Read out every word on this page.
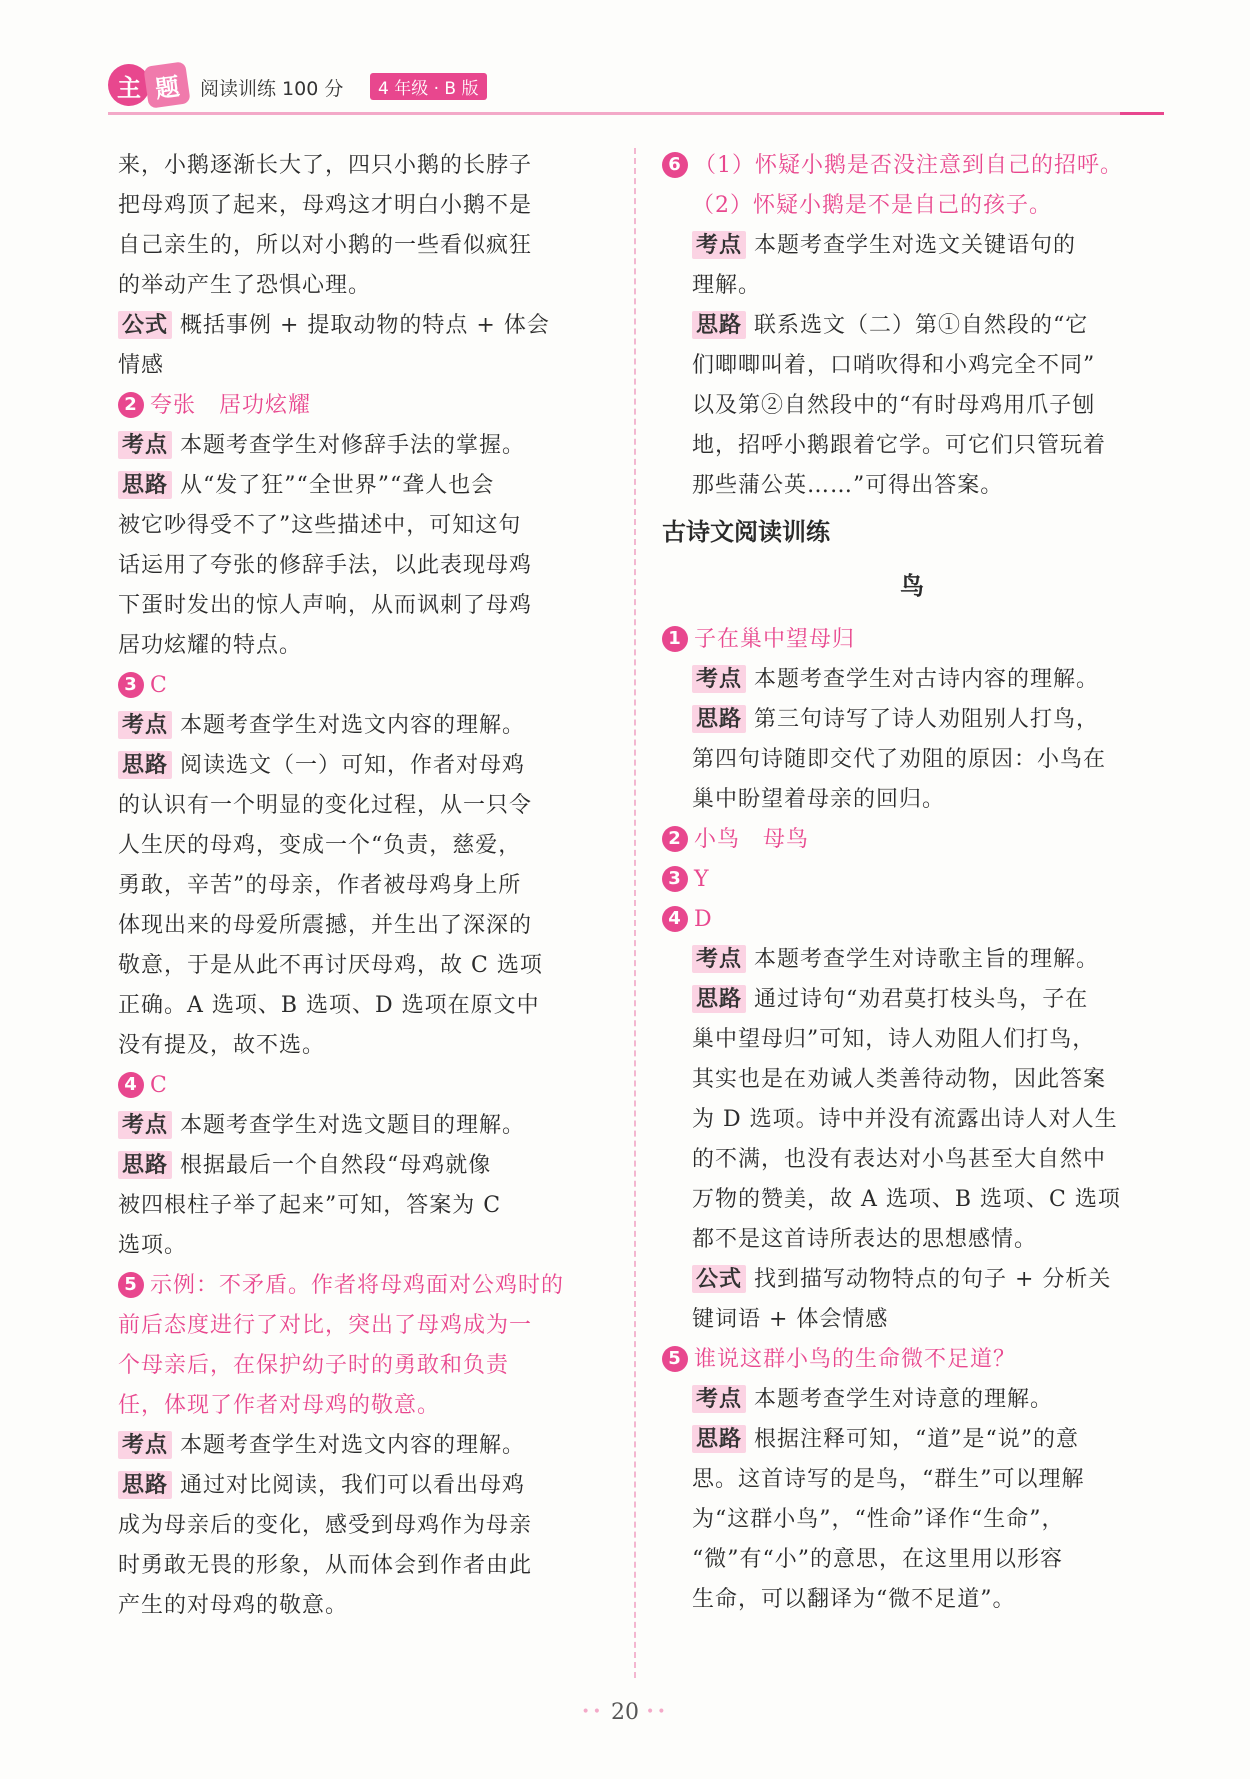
主 题 阅读训练 100 分	4 年级 · B 版

来，小鹅逐渐长大了，四只小鹅的长脖子

把母鸡顶了起来，母鸡这才明白小鹅不是

自己亲生的，所以对小鹅的一些看似疯狂

的举动产生了恐惧心理。

公式 概括事例 + 提取动物的特点 + 体会

情感

2 夸张　居功炫耀

考点 本题考查学生对修辞手法的掌握。

思路 从“发了狂”“全世界”“聋人也会

被它吵得受不了”这些描述中，可知这句

话运用了夸张的修辞手法，以此表现母鸡

下蛋时发出的惊人声响，从而讽刺了母鸡

居功炫耀的特点。

3 C

考点 本题考查学生对选文内容的理解。

思路 阅读选文（一）可知，作者对母鸡

的认识有一个明显的变化过程，从一只令

人生厌的母鸡，变成一个“负责，慈爱，

勇敢，辛苦”的母亲，作者被母鸡身上所

体现出来的母爱所震撼，并生出了深深的

敬意，于是从此不再讨厌母鸡，故 C 选项

正确。A 选项、B 选项、D 选项在原文中

没有提及，故不选。

4 C

考点 本题考查学生对选文题目的理解。

思路 根据最后一个自然段“母鸡就像

被四根柱子举了起来”可知，答案为 C

选项。

5 示例：不矛盾。作者将母鸡面对公鸡时的

前后态度进行了对比，突出了母鸡成为一

个母亲后，在保护幼子时的勇敢和负责

任，体现了作者对母鸡的敬意。

考点 本题考查学生对选文内容的理解。

思路 通过对比阅读，我们可以看出母鸡

成为母亲后的变化，感受到母鸡作为母亲

时勇敢无畏的形象，从而体会到作者由此

产生的对母鸡的敬意。

6 （1）怀疑小鹅是否没注意到自己的招呼。

（2）怀疑小鹅是不是自己的孩子。

考点 本题考查学生对选文关键语句的

理解。

思路 联系选文（二）第①自然段的“它

们唧唧叫着，口哨吹得和小鸡完全不同”

以及第②自然段中的“有时母鸡用爪子刨

地，招呼小鹅跟着它学。可它们只管玩着

那些蒲公英……”可得出答案。

古诗文阅读训练

鸟

1 子在巢中望母归

考点 本题考查学生对古诗内容的理解。

思路 第三句诗写了诗人劝阻别人打鸟，

第四句诗随即交代了劝阻的原因：小鸟在

巢中盼望着母亲的回归。

2 小鸟　母鸟

3 Y

4 D

考点 本题考查学生对诗歌主旨的理解。

思路 通过诗句“劝君莫打枝头鸟，子在

巢中望母归”可知，诗人劝阻人们打鸟，

其实也是在劝诫人类善待动物，因此答案

为 D 选项。诗中并没有流露出诗人对人生

的不满，也没有表达对小鸟甚至大自然中

万物的赞美，故 A 选项、B 选项、C 选项

都不是这首诗所表达的思想感情。

公式 找到描写动物特点的句子 + 分析关

键词语 + 体会情感

5 谁说这群小鸟的生命微不足道？

考点 本题考查学生对诗意的理解。

思路 根据注释可知，“道”是“说”的意

思。这首诗写的是鸟，“群生”可以理解

为“这群小鸟”，“性命”译作“生命”，

“微”有“小”的意思，在这里用以形容

生命，可以翻译为“微不足道”。

•• 20 ••
